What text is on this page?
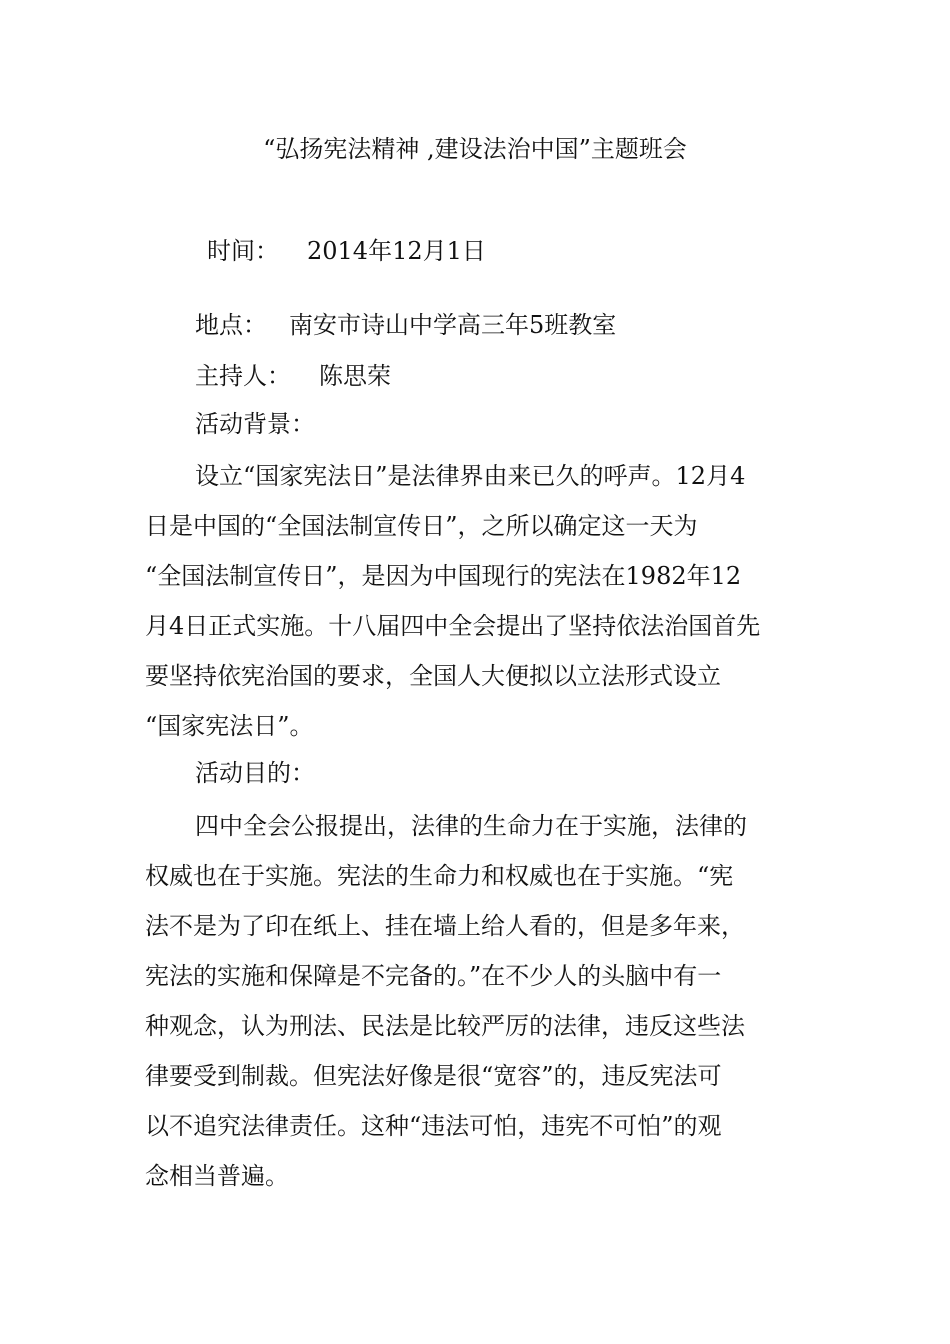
“弘扬宪法精神 ,建设法治中国”主题班会
时间： 2014年12月1日
地点： 南安市诗山中学高三年5班教室
主持人： 陈思荣
活动背景：
设立“国家宪法日”是法律界由来已久的呼声。12月4
日是中国的“全国法制宣传日”，之所以确定这一天为
“全国法制宣传日”，是因为中国现行的宪法在1982年12
月4日正式实施。十八届四中全会提出了坚持依法治国首先
要坚持依宪治国的要求，全国人大便拟以立法形式设立
“国家宪法日”。
活动目的：
四中全会公报提出，法律的生命力在于实施，法律的
权威也在于实施。宪法的生命力和权威也在于实施。“宪
法不是为了印在纸上、挂在墙上给人看的，但是多年来，
宪法的实施和保障是不完备的。”在不少人的头脑中有一
种观念，认为刑法、民法是比较严厉的法律，违反这些法
律要受到制裁。但宪法好像是很“宽容”的，违反宪法可
以不追究法律责任。这种“违法可怕，违宪不可怕”的观
念相当普遍。
